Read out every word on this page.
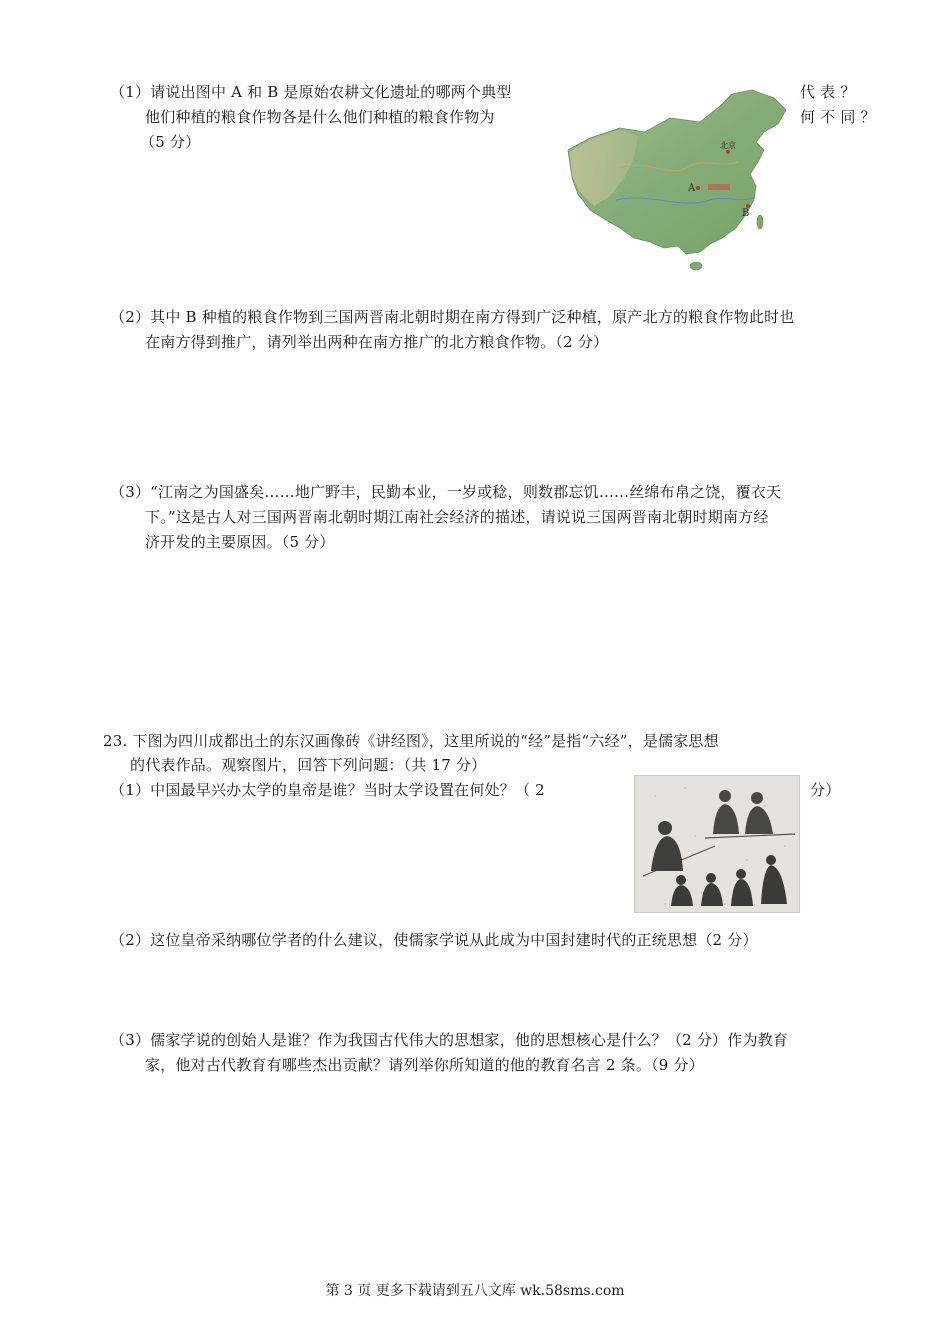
（1）请说出图中 A 和 B 是原始农耕文化遗址的哪两个典型	代 表 ？
他们种植的粮食作物各是什么他们种植的粮食作物为	何 不 同 ？
（5 分）	北京
A
B
（2）其中 B 种植的粮食作物到三国两晋南北朝时期在南方得到广泛种植，原产北方的粮食作物此时也
在南方得到推广，请列举出两种在南方推广的北方粮食作物。（2 分）
（3）“江南之为国盛矣……地广野丰，民勤本业，一岁或稔，则数郡忘饥……丝绵布帛之饶，覆衣天
下。”这是古人对三国两晋南北朝时期江南社会经济的描述，请说说三国两晋南北朝时期南方经
济开发的主要原因。（5 分）
23. 下图为四川成都出土的东汉画像砖《讲经图》，这里所说的“经”是指“六经”，是儒家思想
的代表作品。观察图片，回答下列问题：（共 17 分）
（1）中国最早兴办太学的皇帝是谁？当时太学设置在何处？（ 2	分）
（2）这位皇帝采纳哪位学者的什么建议，使儒家学说从此成为中国封建时代的正统思想（2 分）
（3）儒家学说的创始人是谁？作为我国古代伟大的思想家，他的思想核心是什么？（2 分）作为教育
家，他对古代教育有哪些杰出贡献？请列举你所知道的他的教育名言 2 条。（9 分）
第 3 页 更多下载请到五八文库 wk.58sms.com
